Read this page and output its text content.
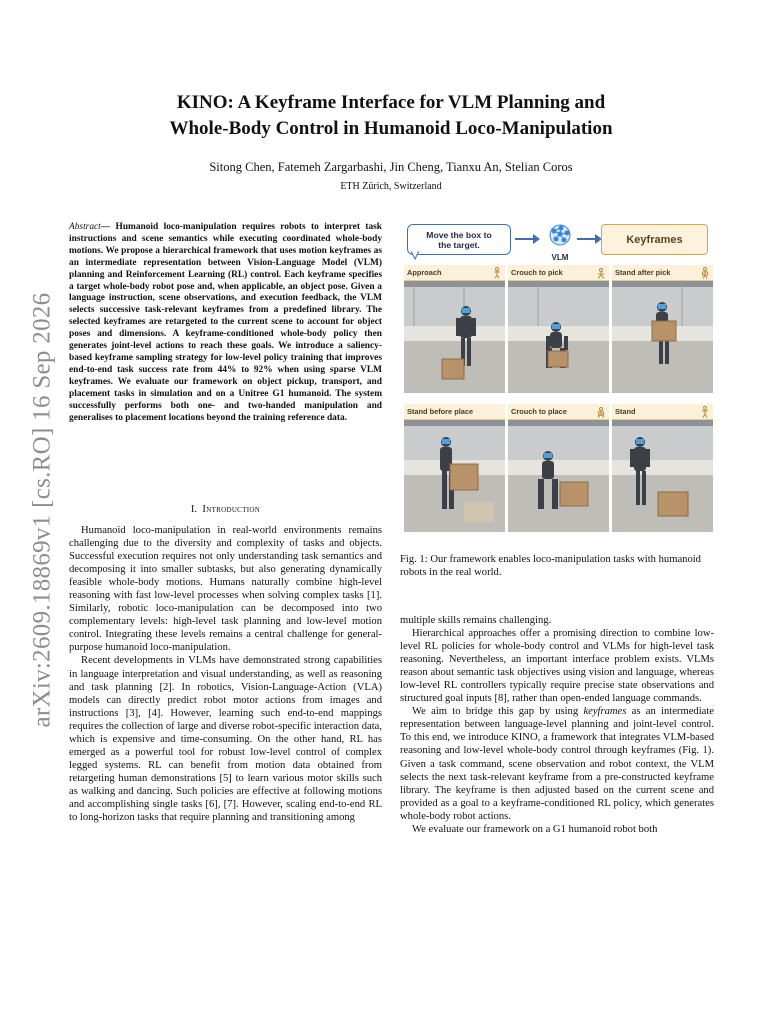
arXiv:2609.18869v1 [cs.RO] 16 Sep 2026
KINO: A Keyframe Interface for VLM Planning and
Whole-Body Control in Humanoid Loco-Manipulation
Sitong Chen, Fatemeh Zargarbashi, Jin Cheng, Tianxu An, Stelian Coros
ETH Zürich, Switzerland
Abstract— Humanoid loco-manipulation requires robots to interpret task instructions and scene semantics while executing coordinated whole-body motions. We propose a hierarchical framework that uses motion keyframes as an intermediate representation between Vision-Language Model (VLM) planning and Reinforcement Learning (RL) control. Each keyframe specifies a target whole-body robot pose and, when applicable, an object pose. Given a language instruction, scene observations, and execution feedback, the VLM selects successive task-relevant keyframes from a predefined library. The selected keyframes are retargeted to the current scene to account for object poses and dimensions. A keyframe-conditioned whole-body policy then generates joint-level actions to reach these goals. We introduce a saliency-based keyframe sampling strategy for low-level policy training that improves end-to-end task success rate from 44% to 92% when using sparse VLM keyframes. We evaluate our framework on object pickup, transport, and placement tasks in simulation and on a Unitree G1 humanoid. The system successfully performs both one- and two-handed manipulation and generalises to placement locations beyond the training reference data.
I. Introduction

Humanoid loco-manipulation in real-world environments remains challenging due to the diversity and complexity of tasks and objects. Successful execution requires not only understanding task semantics and decomposing it into smaller subtasks, but also generating dynamically feasible whole-body motions. Humans naturally combine high-level reasoning with fast low-level processes when solving complex tasks [1]. Similarly, robotic loco-manipulation can be decomposed into two complementary levels: high-level task planning and low-level motion control. Integrating these levels remains a central challenge for general-purpose humanoid loco-manipulation.

Recent developments in VLMs have demonstrated strong capabilities in language interpretation and visual understanding, as well as reasoning and task planning [2]. In robotics, Vision-Language-Action (VLA) models can directly predict robot motor actions from images and instructions [3], [4]. However, learning such end-to-end mappings requires the collection of large and diverse robot-specific interaction data, which is expensive and time-consuming. On the other hand, RL has emerged as a powerful tool for robust low-level control of complex legged systems. RL can benefit from motion data obtained from retargeting human demonstrations [5] to learn various motor skills such as walking and dancing. Such policies are effective at following motions and accomplishing single tasks [6], [7]. However, scaling end-to-end RL to long-horizon tasks that require planning and transitioning among

Move the box to the target.
VLM
Keyframes
Approach	Crouch to pick	Stand after pick
Stand before place	Crouch to place	Stand
Fig. 1: Our framework enables loco-manipulation tasks with humanoid robots in the real world.

multiple skills remains challenging.

Hierarchical approaches offer a promising direction to combine low-level RL policies for whole-body control and VLMs for high-level task reasoning. Nevertheless, an important interface problem exists. VLMs reason about semantic task objectives using vision and language, whereas low-level RL controllers typically require precise state observations and structured goal inputs [8], rather than open-ended language commands.

We aim to bridge this gap by using keyframes as an intermediate representation between language-level planning and joint-level control. To this end, we introduce KINO, a framework that integrates VLM-based reasoning and low-level whole-body control through keyframes (Fig. 1). Given a task command, scene observation and robot context, the VLM selects the next task-relevant keyframe from a pre-constructed keyframe library. The keyframe is then adjusted based on the current scene and provided as a goal to a keyframe-conditioned RL policy, which generates whole-body robot actions.

We evaluate our framework on a G1 humanoid robot both
